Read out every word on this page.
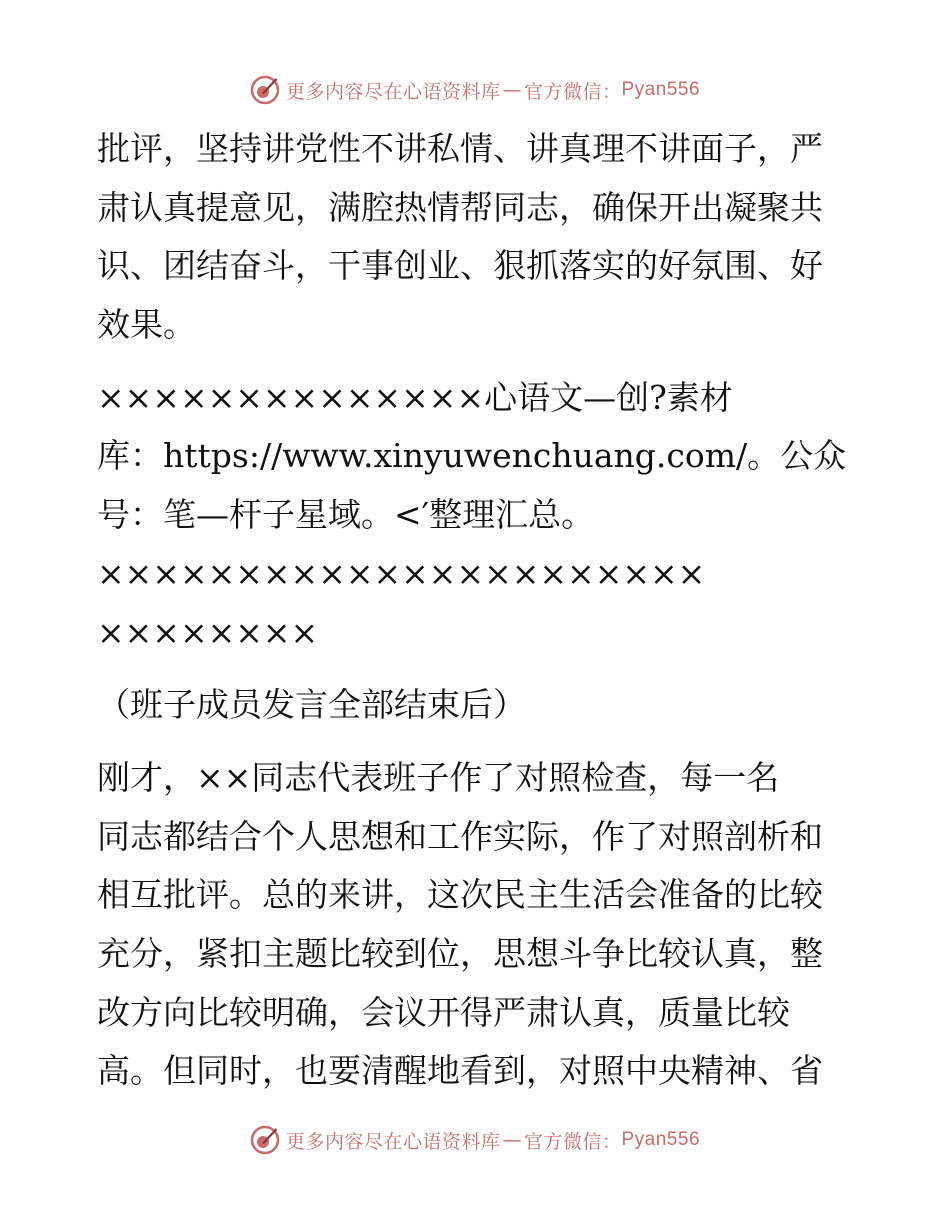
更多内容尽在心语资料库 — 官方微信： Pyan556
批评，坚持讲党性不讲私情、讲真理不讲面子，严
肃认真提意见，满腔热情帮同志，确保开出凝聚共
识、团结奋斗，干事创业、狠抓落实的好氛围、好
效果。
××××××××××××××心语文—创?素材
库：https://www.xinyuwenchuang.com/。公众
号：笔—杆子星域。<′整理汇总。
××××××××××××××××××××××
××××××××
（班子成员发言全部结束后）
刚才，××同志代表班子作了对照检查，每一名
同志都结合个人思想和工作实际，作了对照剖析和
相互批评。总的来讲，这次民主生活会准备的比较
充分，紧扣主题比较到位，思想斗争比较认真，整
改方向比较明确，会议开得严肃认真，质量比较
高。但同时，也要清醒地看到，对照中央精神、省
更多内容尽在心语资料库 — 官方微信： Pyan556
